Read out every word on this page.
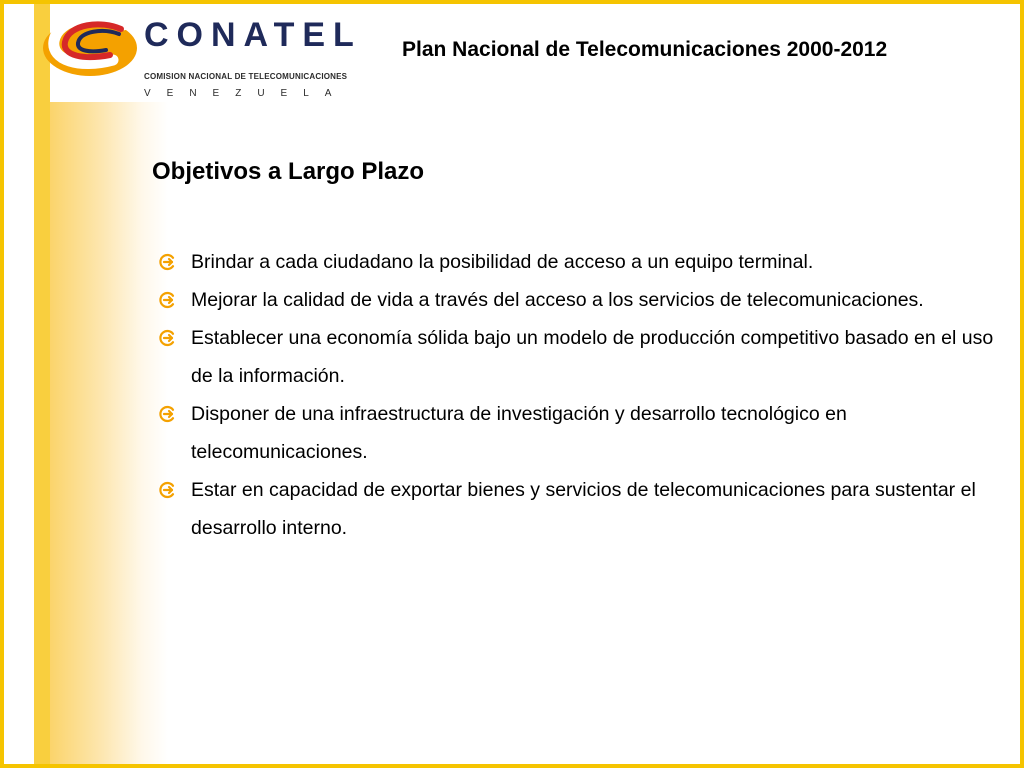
CONATEL
COMISION NACIONAL DE TELECOMUNICACIONES
VENEZUELA
Plan Nacional de Telecomunicaciones 2000-2012
Objetivos a Largo Plazo
Brindar a cada ciudadano la posibilidad de acceso a un equipo terminal.
Mejorar la calidad de vida a través del acceso a los servicios de telecomunicaciones.
Establecer una economía sólida bajo un modelo de producción competitivo basado en el uso de la información.
Disponer de una infraestructura de investigación y desarrollo tecnológico en telecomunicaciones.
Estar en capacidad de exportar bienes y servicios de telecomunicaciones para sustentar el desarrollo interno.
